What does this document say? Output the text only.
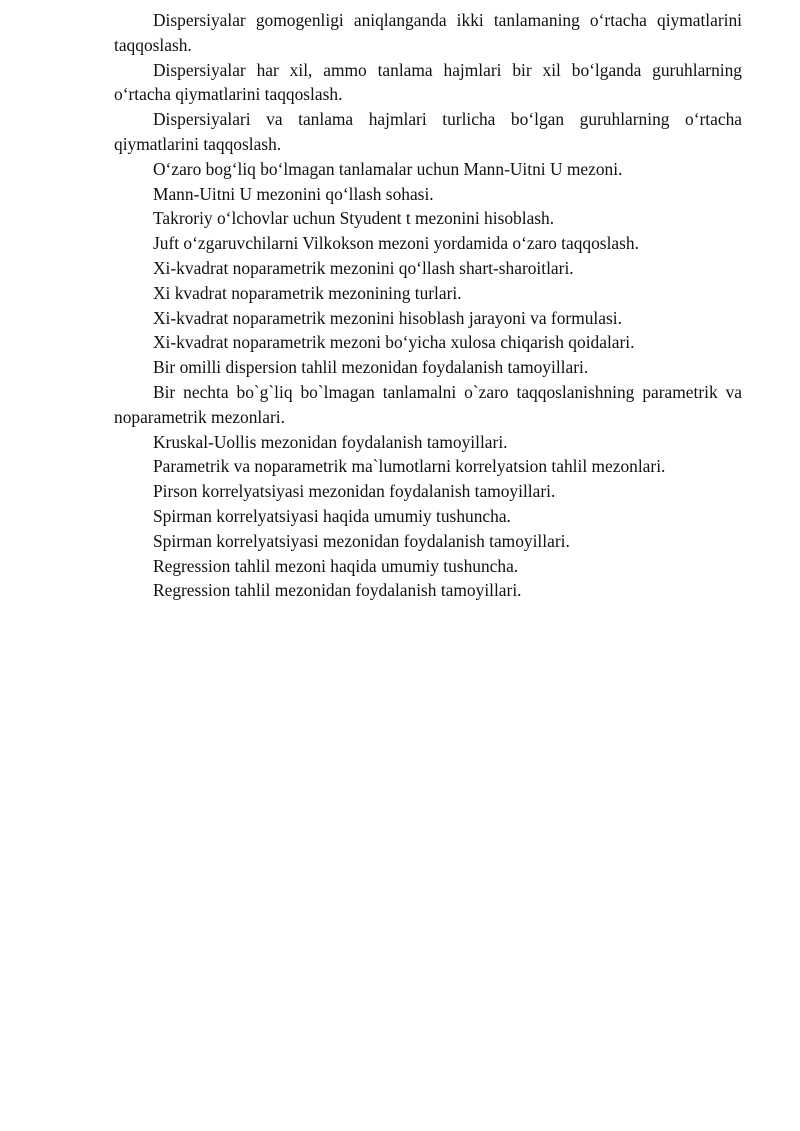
Dispersiyalar gomogenligi aniqlanganda ikki tanlamaning o‘rtacha qiymatlarini taqqoslash.

Dispersiyalar har xil, ammo tanlama hajmlari bir xil bo‘lganda guruhlarning o‘rtacha qiymatlarini taqqoslash.

Dispersiyalari va tanlama hajmlari turlicha bo‘lgan guruhlarning o‘rtacha qiymatlarini taqqoslash.

O‘zaro bog‘liq bo‘lmagan tanlamalar uchun Mann-Uitni U mezoni.

Mann-Uitni U mezonini qo‘llash sohasi.

Takroriy o‘lchovlar uchun Styudent t mezonini hisoblash.

Juft o‘zgaruvchilarni Vilkokson mezoni yordamida o‘zaro taqqoslash.

Xi-kvadrat noparametrik mezonini qo‘llash shart-sharoitlari.

Xi kvadrat noparametrik mezonining turlari.

Xi-kvadrat noparametrik mezonini hisoblash jarayoni va formulasi.

Xi-kvadrat noparametrik mezoni bo‘yicha xulosa chiqarish qoidalari.

Bir omilli dispersion tahlil mezonidan foydalanish tamoyillari.

Bir nechta bo`g`liq bo`lmagan tanlamalni o`zaro taqqoslanishning parametrik va noparametrik mezonlari.

Kruskal-Uollis mezonidan foydalanish tamoyillari.

Parametrik va noparametrik ma`lumotlarni korrelyatsion tahlil mezonlari.

Pirson korrelyatsiyasi mezonidan foydalanish tamoyillari.

Spirman korrelyatsiyasi haqida umumiy tushuncha.

Spirman korrelyatsiyasi mezonidan foydalanish tamoyillari.

Regression tahlil mezoni haqida umumiy tushuncha.

Regression tahlil mezonidan foydalanish tamoyillari.
